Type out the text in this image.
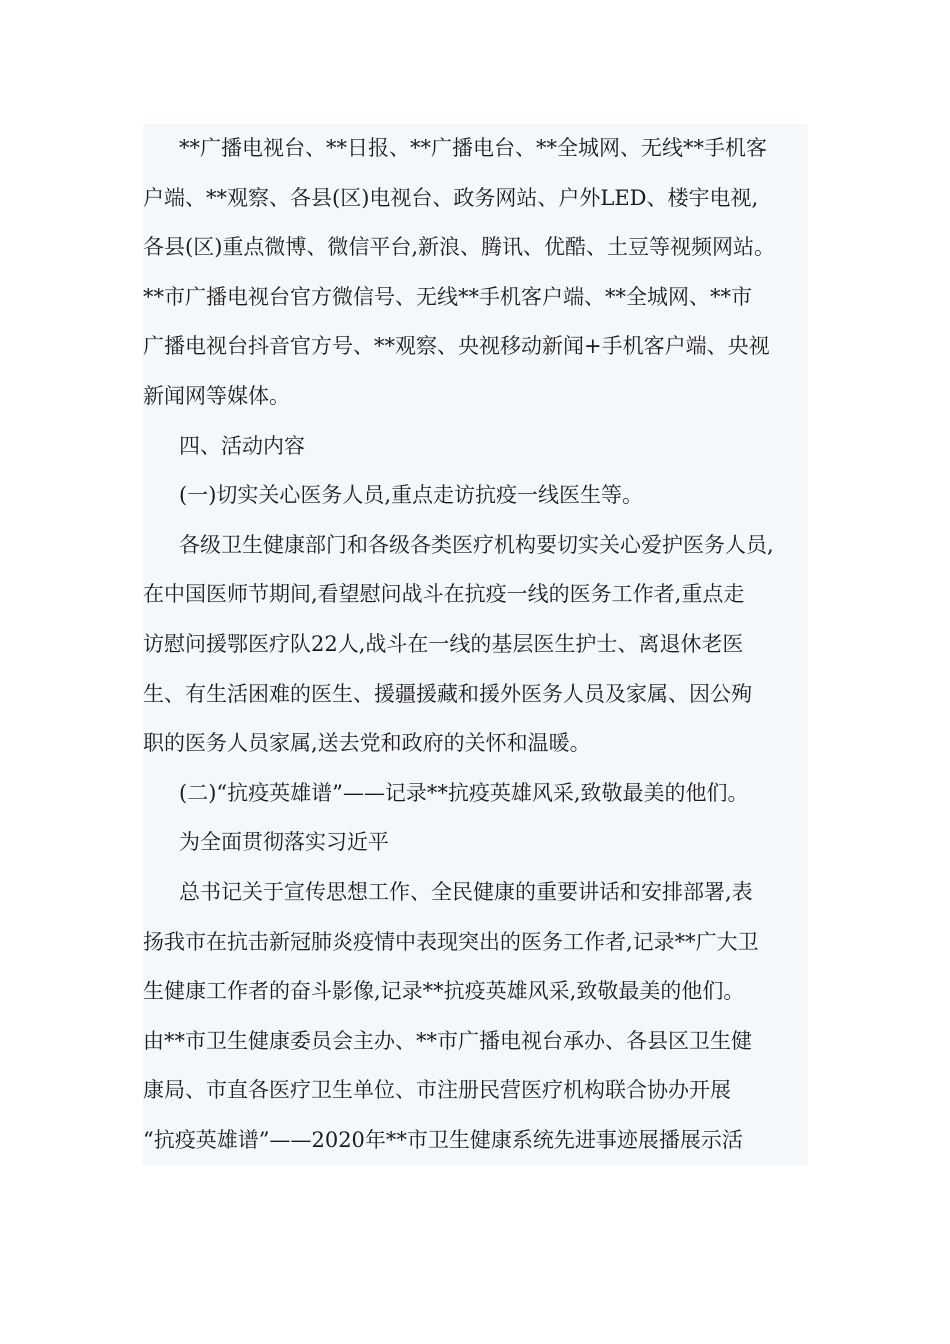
**广播电视台、**日报、**广播电台、**全城网、无线**手机客
户端、**观察、各县(区)电视台、政务网站、户外LED、楼宇电视,
各县(区)重点微博、微信平台,新浪、腾讯、优酷、土豆等视频网站。
**市广播电视台官方微信号、无线**手机客户端、**全城网、**市
广播电视台抖音官方号、**观察、央视移动新闻+手机客户端、央视
新闻网等媒体。
四、活动内容
(一)切实关心医务人员,重点走访抗疫一线医生等。
各级卫生健康部门和各级各类医疗机构要切实关心爱护医务人员,
在中国医师节期间,看望慰问战斗在抗疫一线的医务工作者,重点走
访慰问援鄂医疗队22人,战斗在一线的基层医生护士、离退休老医
生、有生活困难的医生、援疆援藏和援外医务人员及家属、因公殉
职的医务人员家属,送去党和政府的关怀和温暖。
(二)“抗疫英雄谱”——记录**抗疫英雄风采,致敬最美的他们。
为全面贯彻落实习近平
总书记关于宣传思想工作、全民健康的重要讲话和安排部署,表
扬我市在抗击新冠肺炎疫情中表现突出的医务工作者,记录**广大卫
生健康工作者的奋斗影像,记录**抗疫英雄风采,致敬最美的他们。
由**市卫生健康委员会主办、**市广播电视台承办、各县区卫生健
康局、市直各医疗卫生单位、市注册民营医疗机构联合协办开展
“抗疫英雄谱”——2020年**市卫生健康系统先进事迹展播展示活
